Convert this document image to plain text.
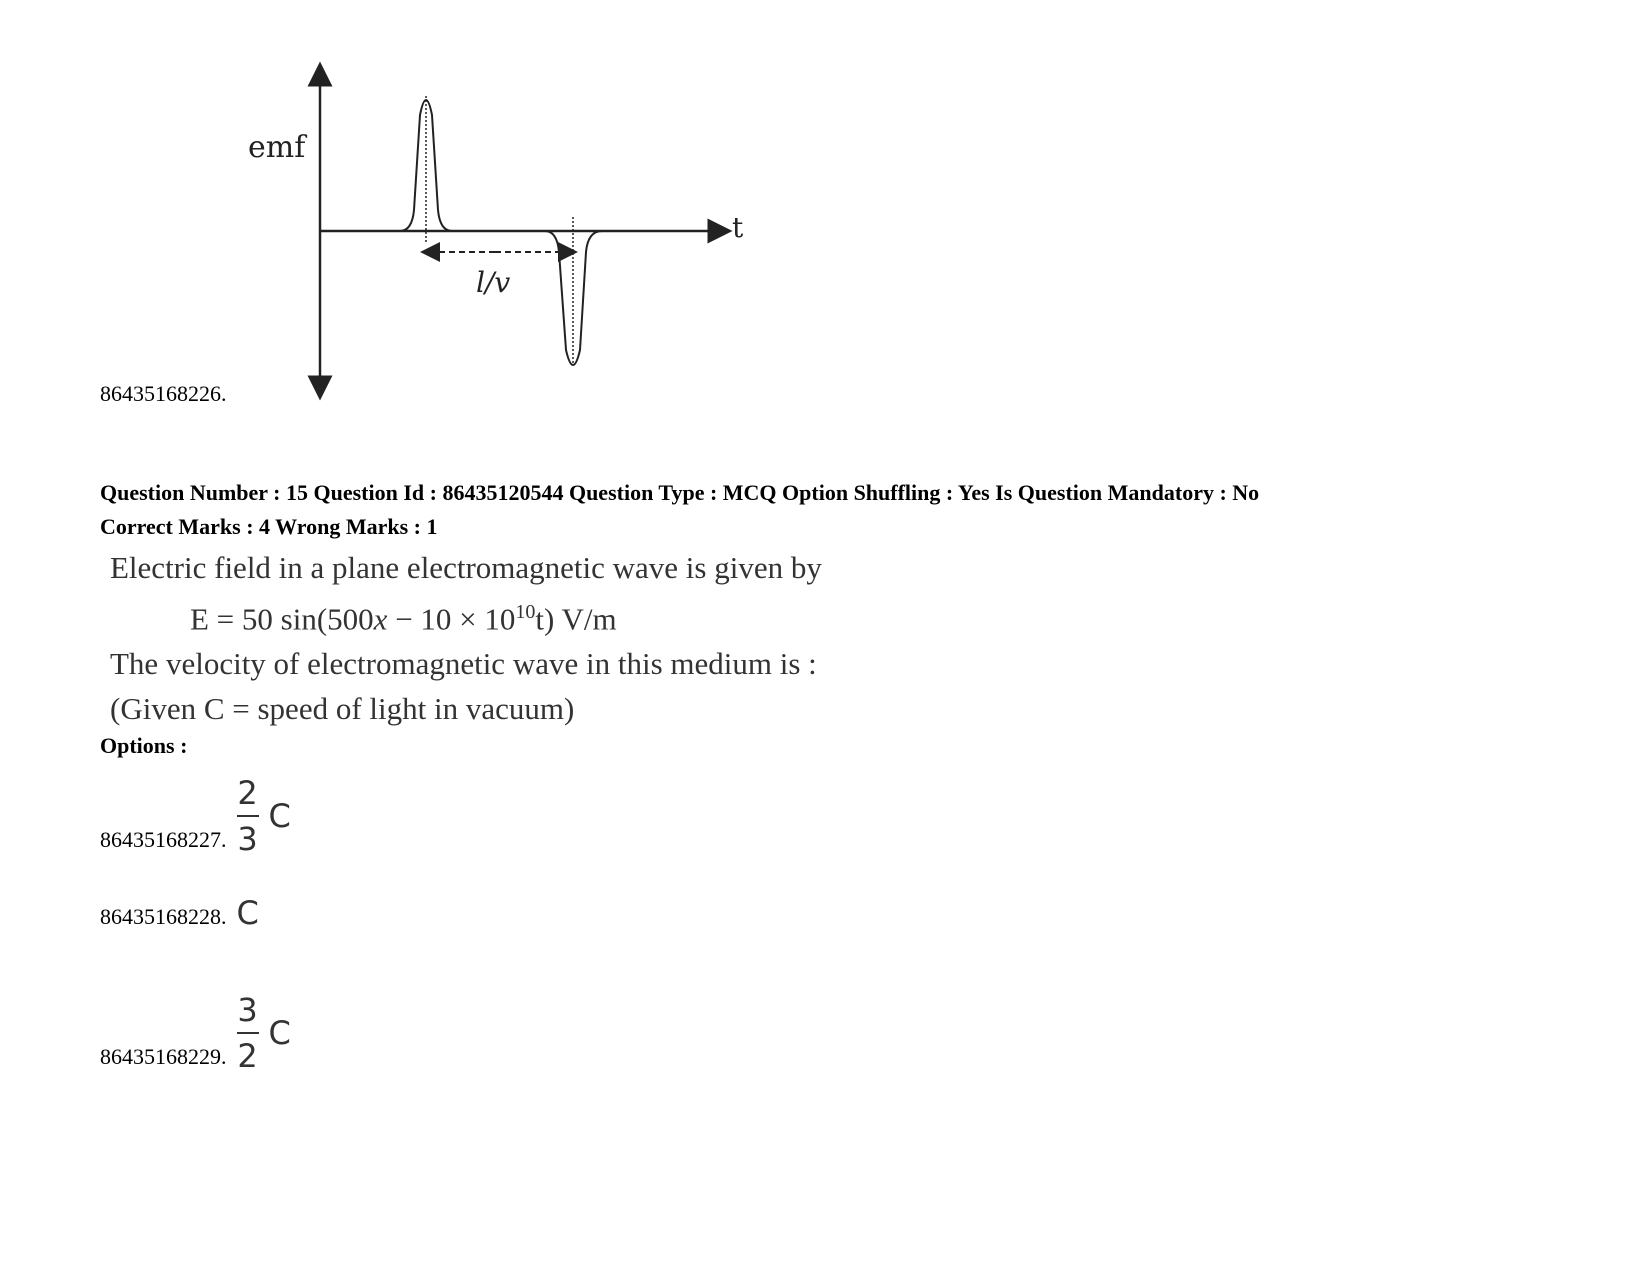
emf
t
l/v
86435168226.
Question Number : 15 Question Id : 86435120544 Question Type : MCQ Option Shuffling : Yes Is Question Mandatory : No
Correct Marks : 4 Wrong Marks : 1
Electric field in a plane electromagnetic wave is given by
E = 50 $\sin(500x - 10 \times 10^{10}t)$ V/m
The velocity of electromagnetic wave in this medium is :
(Given C = speed of light in vacuum)
Options :
86435168227. $\frac{2}{3}$ C
86435168228. C
86435168229. $\frac{3}{2}$ C
